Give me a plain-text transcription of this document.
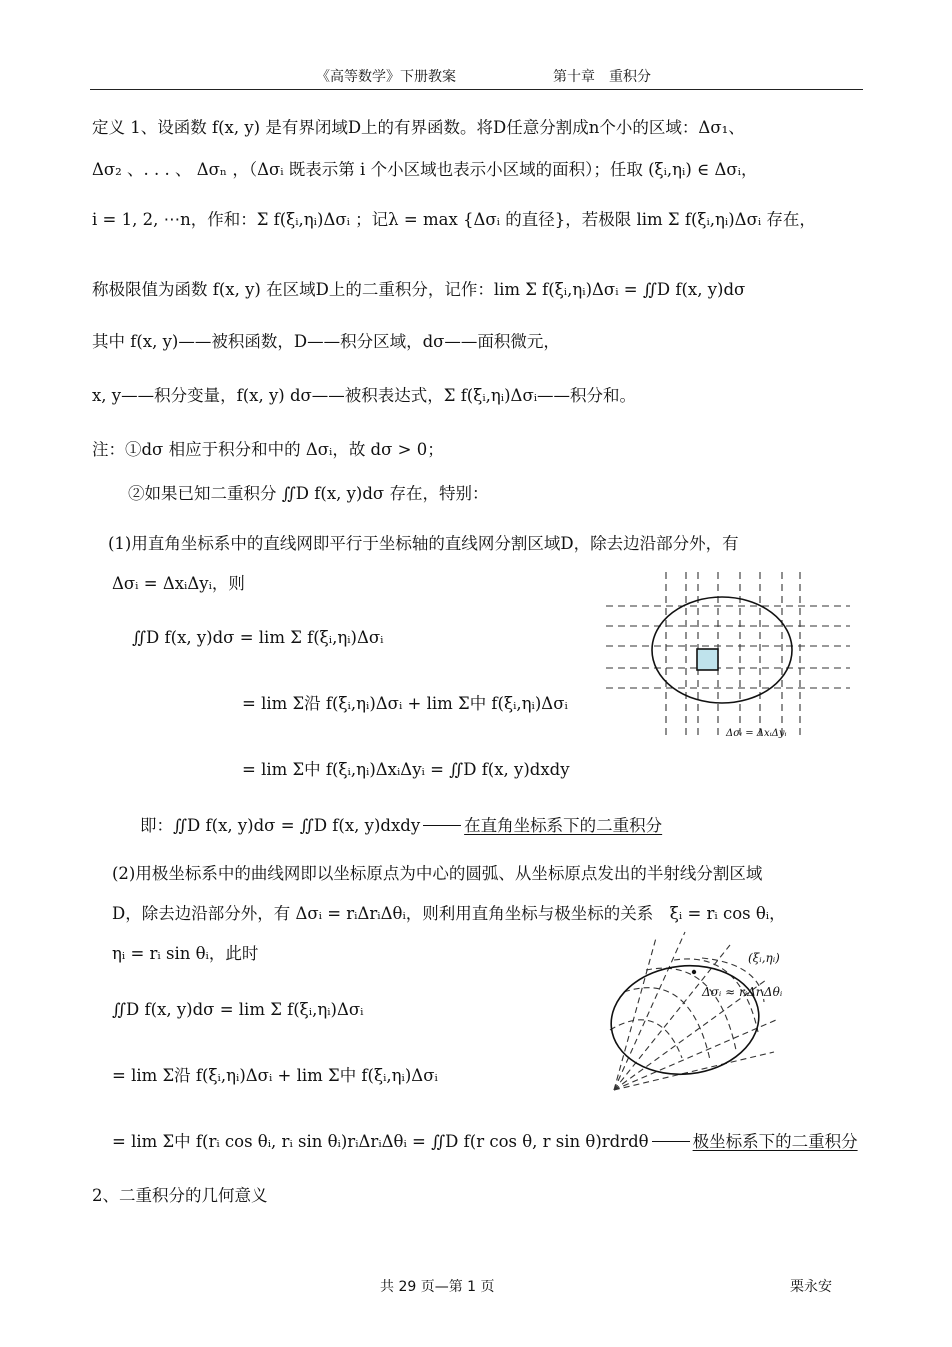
《高等数学》下册教案	第十章　重积分
定义 1、设函数 f(x, y) 是有界闭域D上的有界函数。将D任意分割成n个小的区域：Δσ₁、
Δσ₂ 、. . . 、 Δσₙ ，（Δσᵢ 既表示第 i 个小区域也表示小区域的面积）；任取 (ξᵢ,ηᵢ) ∈ Δσᵢ，
i = 1, 2, ⋯n，作和：Σ f(ξᵢ,ηᵢ)Δσᵢ ；记λ = max {Δσᵢ 的直径}，若极限 lim Σ f(ξᵢ,ηᵢ)Δσᵢ 存在，
称极限值为函数 f(x, y) 在区域D上的二重积分，记作：lim Σ f(ξᵢ,ηᵢ)Δσᵢ = ∬D f(x, y)dσ
其中 f(x, y)——被积函数，D——积分区域，dσ——面积微元，
x, y——积分变量，f(x, y) dσ——被积表达式，Σ f(ξᵢ,ηᵢ)Δσᵢ——积分和。
注：①dσ 相应于积分和中的 Δσᵢ，故 dσ > 0；
②如果已知二重积分 ∬D f(x, y)dσ 存在，特别：
(1)用直角坐标系中的直线网即平行于坐标轴的直线网分割区域D，除去边沿部分外，有
Δσᵢ = ΔxᵢΔyᵢ，则
∬D f(x, y)dσ = lim Σ f(ξᵢ,ηᵢ)Δσᵢ
= lim Σ沿 f(ξᵢ,ηᵢ)Δσᵢ + lim Σ中 f(ξᵢ,ηᵢ)Δσᵢ
= lim Σ中 f(ξᵢ,ηᵢ)ΔxᵢΔyᵢ = ∬D f(x, y)dxdy
即：∬D f(x, y)dσ = ∬D f(x, y)dxdy	在直角坐标系下的二重积分
Δσᵢ = ΔxᵢΔyᵢ
(2)用极坐标系中的曲线网即以坐标原点为中心的圆弧、从坐标原点发出的半射线分割区域
D，除去边沿部分外，有 Δσᵢ = rᵢΔrᵢΔθᵢ，则利用直角坐标与极坐标的关系　ξᵢ = rᵢ cos θᵢ，
ηᵢ = rᵢ sin θᵢ，此时
∬D f(x, y)dσ = lim Σ f(ξᵢ,ηᵢ)Δσᵢ
= lim Σ沿 f(ξᵢ,ηᵢ)Δσᵢ + lim Σ中 f(ξᵢ,ηᵢ)Δσᵢ
= lim Σ中 f(rᵢ cos θᵢ, rᵢ sin θᵢ)rᵢΔrᵢΔθᵢ = ∬D f(r cos θ, r sin θ)rdrdθ	极坐标系下的二重积分
(ξᵢ,ηᵢ)
Δσᵢ ≈ rᵢΔrᵢΔθᵢ
2、二重积分的几何意义
共 29 页—第 1 页	栗永安
